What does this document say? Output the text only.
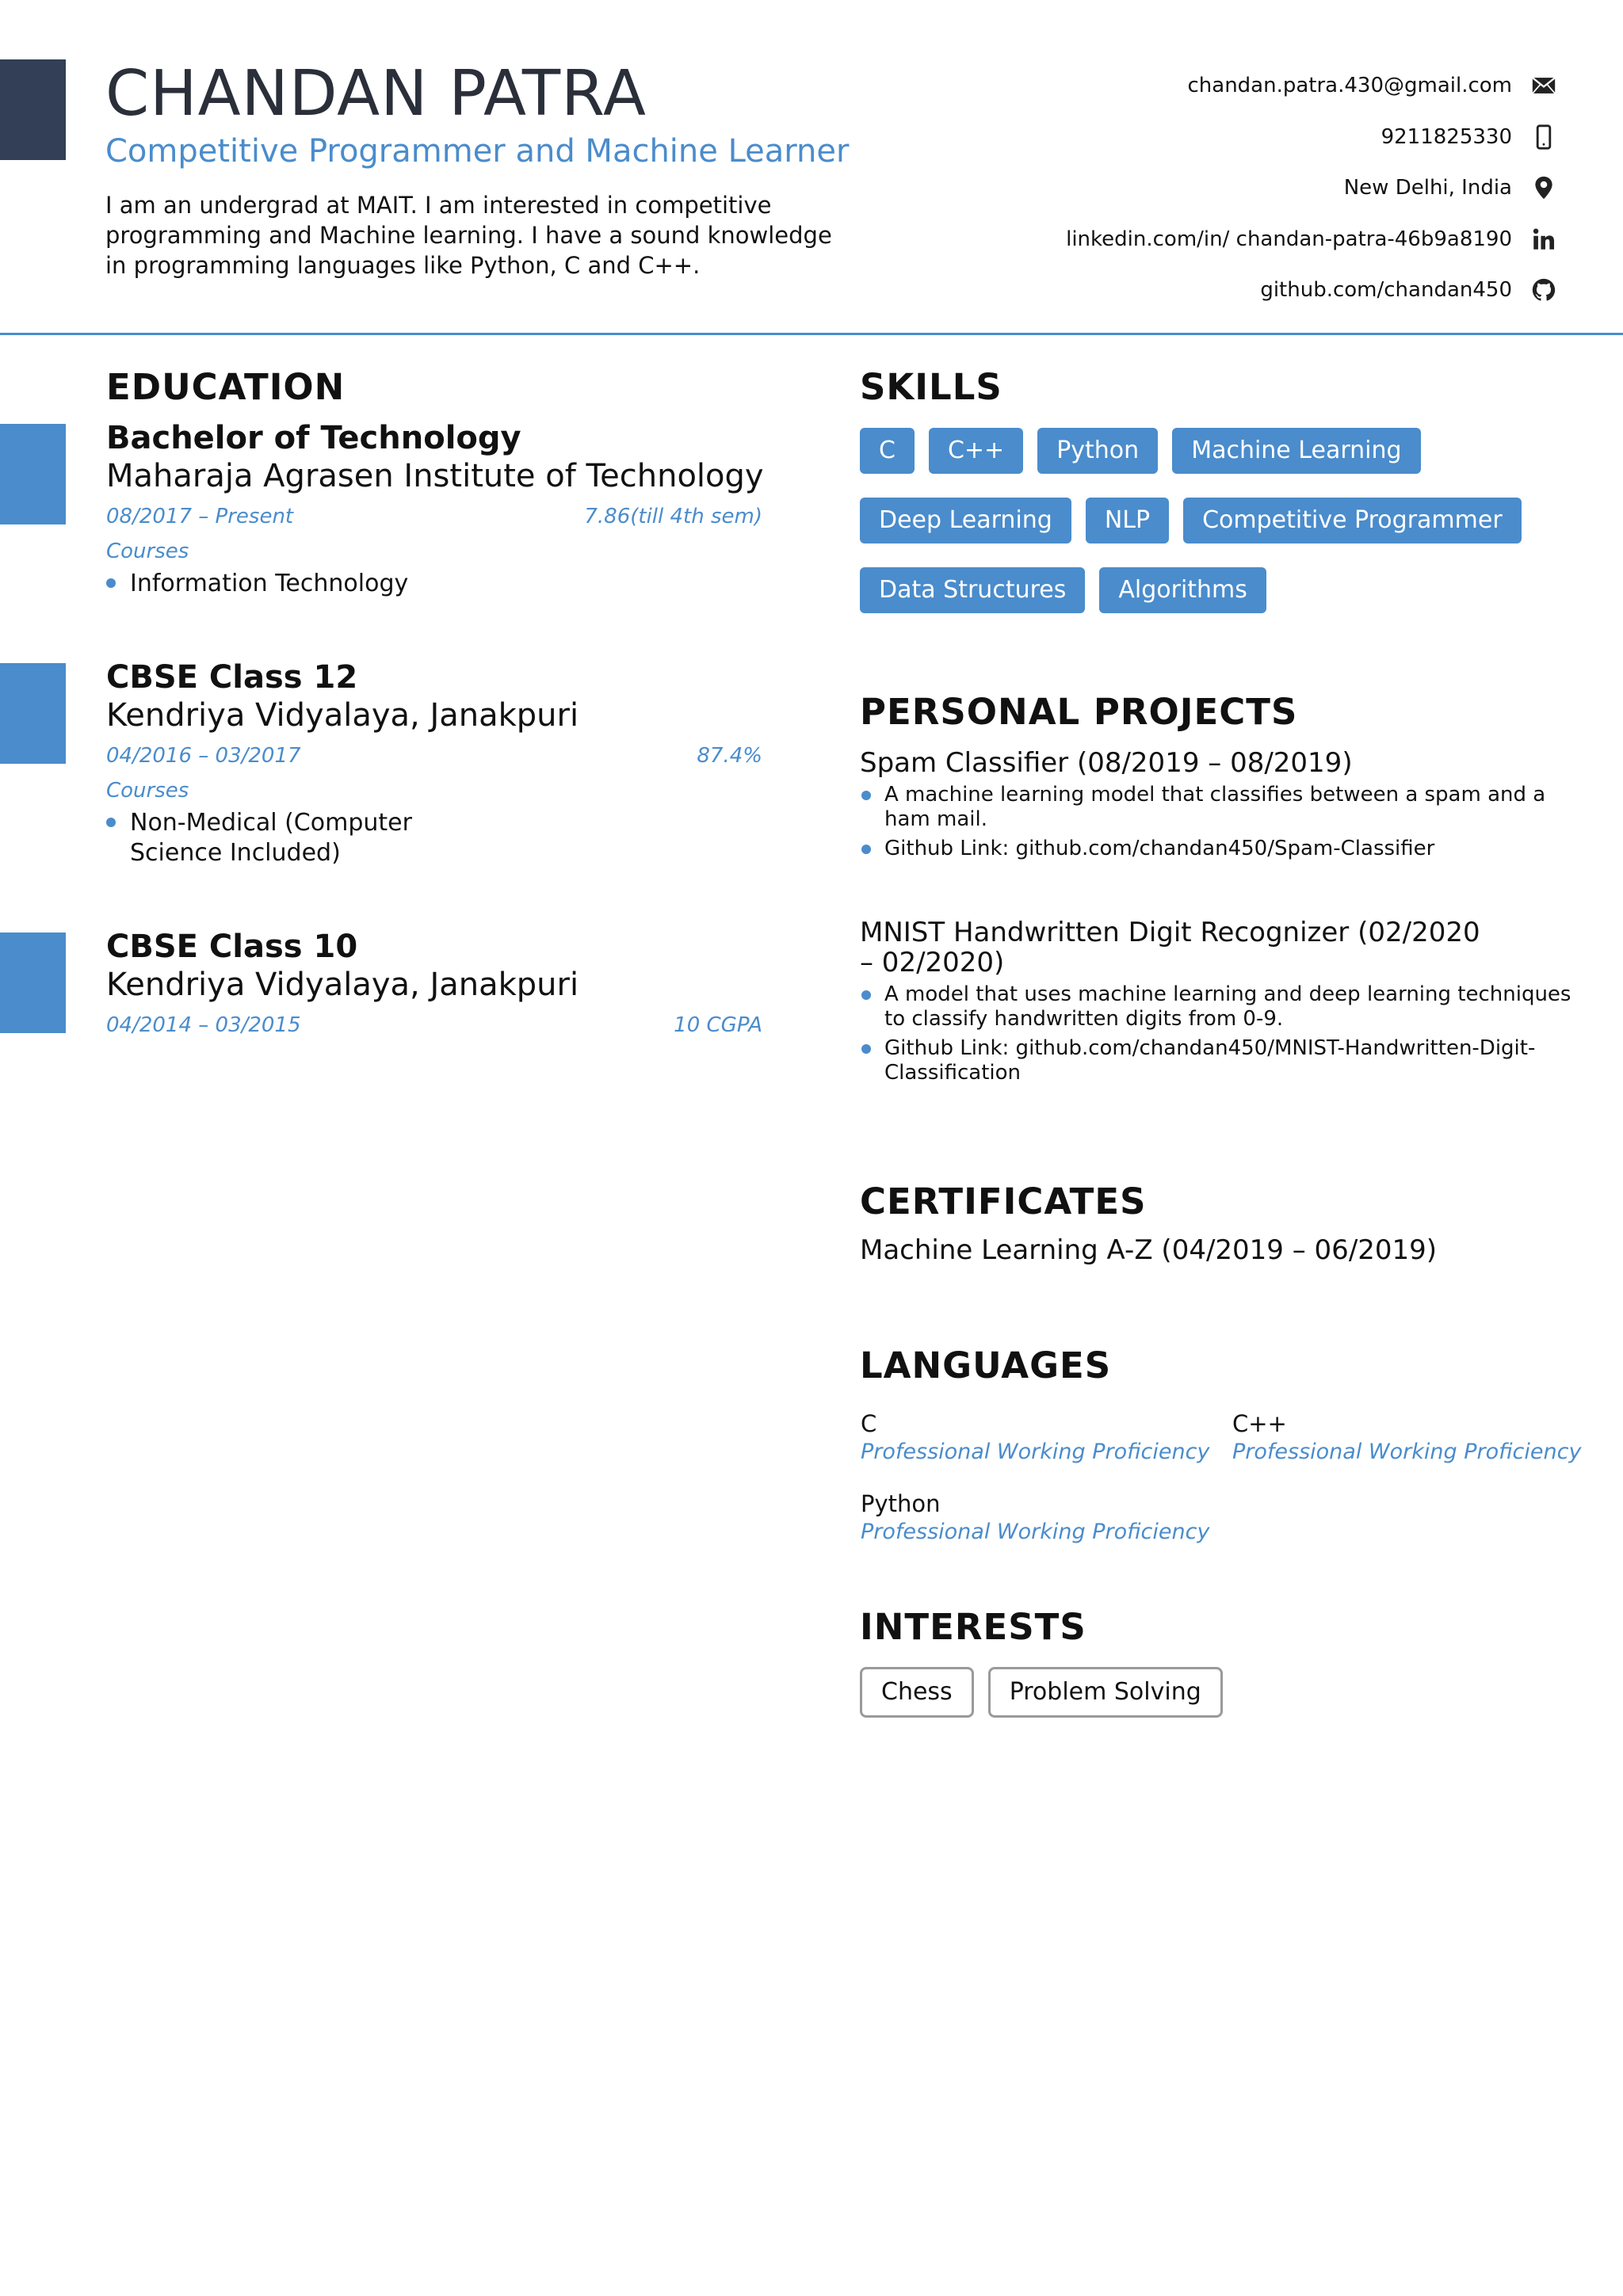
CHANDAN PATRA
Competitive Programmer and Machine Learner
I am an undergrad at MAIT. I am interested in competitive programming and Machine learning. I have a sound knowledge in programming languages like Python, C and C++.
chandan.patra.430@gmail.com
9211825330
New Delhi, India
linkedin.com/in/ chandan-patra-46b9a8190
github.com/chandan450
EDUCATION
Bachelor of Technology
Maharaja Agrasen Institute of Technology
08/2017 – Present	7.86(till 4th sem)
Courses
Information Technology
CBSE Class 12
Kendriya Vidyalaya, Janakpuri
04/2016 – 03/2017	87.4%
Courses
Non-Medical (Computer Science Included)
CBSE Class 10
Kendriya Vidyalaya, Janakpuri
04/2014 – 03/2015	10 CGPA
SKILLS
C	C++	Python	Machine Learning
Deep Learning	NLP	Competitive Programmer
Data Structures	Algorithms
PERSONAL PROJECTS
Spam Classifier (08/2019 – 08/2019)
A machine learning model that classifies between a spam and a ham mail.
Github Link: github.com/chandan450/Spam-Classifier
MNIST Handwritten Digit Recognizer (02/2020 – 02/2020)
A model that uses machine learning and deep learning techniques to classify handwritten digits from 0-9.
Github Link: github.com/chandan450/MNIST-Handwritten-Digit-Classification
CERTIFICATES
Machine Learning A-Z (04/2019 – 06/2019)
LANGUAGES
C
Professional Working Proficiency
C++
Professional Working Proficiency
Python
Professional Working Proficiency
INTERESTS
Chess	Problem Solving
